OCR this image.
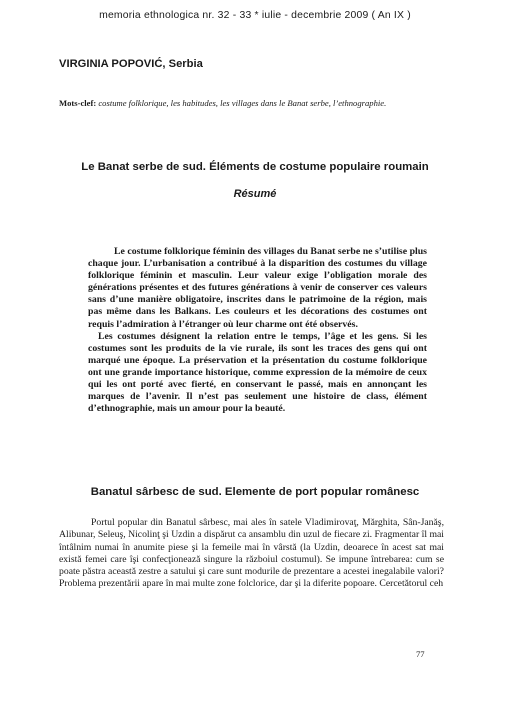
memoria ethnologica nr. 32 - 33 * iulie - decembrie 2009 ( An IX )
VIRGINIA POPOVIĆ, Serbia
Mots-clef: costume folklorique, les habitudes, les villages dans le Banat serbe, l’ethnographie.
Le Banat serbe de sud. Éléments de costume populaire roumain
Résumé

Le costume folklorique féminin des villages du Banat serbe ne s’utilise plus chaque jour. L’urbanisation a contribué à la disparition des costumes du village folklorique féminin et masculin. Leur valeur exige l’obligation morale des générations présentes et des futures générations à venir de conserver ces valeurs sans d’une manière obligatoire, inscrites dans le patrimoine de la région, mais pas même dans les Balkans. Les couleurs et les décorations des costumes ont requis l’admiration à l’étranger où leur charme ont été observés.

Les costumes désignent la relation entre le temps, l’âge et les gens. Si les costumes sont les produits de la vie rurale, ils sont les traces des gens qui ont marqué une époque. La préservation et la présentation du costume folklorique ont une grande importance historique, comme expression de la mémoire de ceux qui les ont porté avec fierté, en conservant le passé, mais en annonçant les marques de l’avenir. Il n’est pas seulement une histoire de class, élément d’ethnographie, mais un amour pour la beauté.

Banatul sârbesc de sud. Elemente de port popular românesc

Portul popular din Banatul sârbesc, mai ales în satele Vladimirovaţ, Mărghita, Sân-Janăş, Alibunar, Seleuş, Nicolinţ şi Uzdin a dispărut ca ansamblu din uzul de fiecare zi. Fragmentar îl mai întâlnim numai în anumite piese şi la femeile mai în vârstă (la Uzdin, deoarece în acest sat mai există femei care îşi confecţionează singure la războiul costumul). Se impune întrebarea: cum se poate păstra această zestre a satului şi care sunt modurile de prezentare a acestei inegalabile valori? Problema prezentării apare în mai multe zone folclorice, dar şi la diferite popoare. Cercetătorul ceh

77
